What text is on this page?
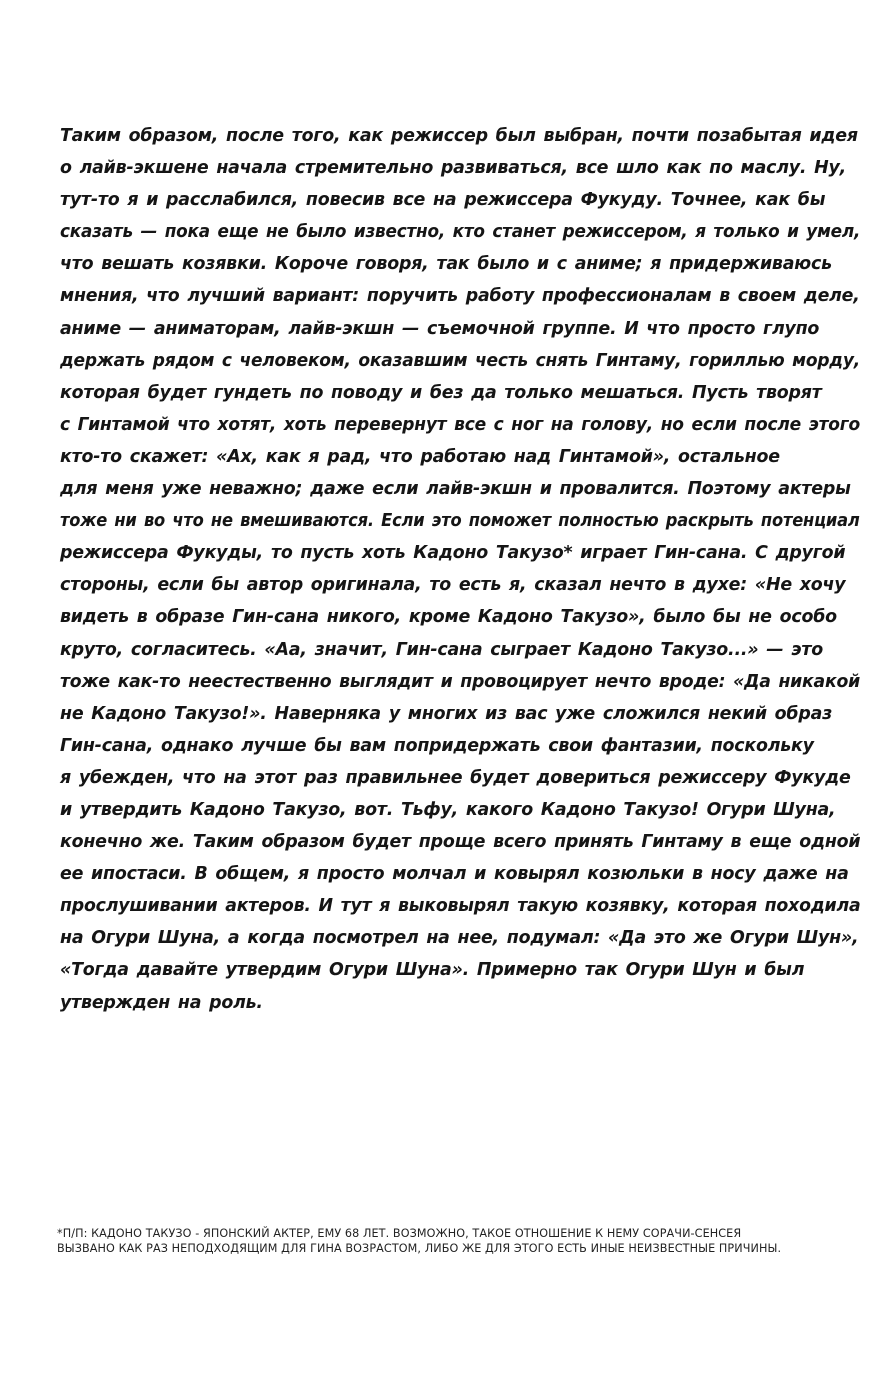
Таким образом, после того, как режиссер был выбран, почти позабытая идея
о лайв-экшене начала стремительно развиваться, все шло как по маслу. Ну,
тут-то я и расслабился, повесив все на режиссера Фукуду. Точнее, как бы
сказать — пока еще не было известно, кто станет режиссером, я только и умел,
что вешать козявки. Короче говоря, так было и с аниме; я придерживаюсь
мнения, что лучший вариант: поручить работу профессионалам в своем деле,
аниме — аниматорам, лайв-экшн — съемочной группе. И что просто глупо
держать рядом с человеком, оказавшим честь снять Гинтаму, гориллью морду,
которая будет гундеть по поводу и без да только мешаться. Пусть творят
с Гинтамой что хотят, хоть перевернут все с ног на голову, но если после этого
кто-то скажет: «Ах, как я рад, что работаю над Гинтамой», остальное
для меня уже неважно; даже если лайв-экшн и провалится. Поэтому актеры
тоже ни во что не вмешиваются. Если это поможет полностью раскрыть потенциал
режиссера Фукуды, то пусть хоть Кадоно Такузо* играет Гин-сана. С другой
стороны, если бы автор оригинала, то есть я, сказал нечто в духе: «Не хочу
видеть в образе Гин-сана никого, кроме Кадоно Такузо», было бы не особо
круто, согласитесь. «Аа, значит, Гин-сана сыграет Кадоно Такузо...» — это
тоже как-то неестественно выглядит и провоцирует нечто вроде: «Да никакой
не Кадоно Такузо!». Наверняка у многих из вас уже сложился некий образ
Гин-сана, однако лучше бы вам попридержать свои фантазии, поскольку
я убежден, что на этот раз правильнее будет довериться режиссеру Фукуде
и утвердить Кадоно Такузо, вот. Тьфу, какого Кадоно Такузо! Огури Шуна,
конечно же. Таким образом будет проще всего принять Гинтаму в еще одной
ее ипостаси. В общем, я просто молчал и ковырял козюльки в носу даже на
прослушивании актеров. И тут я выковырял такую козявку, которая походила
на Огури Шуна, а когда посмотрел на нее, подумал: «Да это же Огури Шун»,
«Тогда давайте утвердим Огури Шуна». Примерно так Огури Шун и был
утвержден на роль.
*П/П: КАДОНО ТАКУЗО - ЯПОНСКИЙ АКТЕР, ЕМУ 68 ЛЕТ. ВОЗМОЖНО, ТАКОЕ ОТНОШЕНИЕ К НЕМУ СОРАЧИ-СЕНСЕЯ
ВЫЗВАНО КАК РАЗ НЕПОДХОДЯЩИМ ДЛЯ ГИНА ВОЗРАСТОМ, ЛИБО ЖЕ ДЛЯ ЭТОГО ЕСТЬ ИНЫЕ НЕИЗВЕСТНЫЕ ПРИЧИНЫ.
